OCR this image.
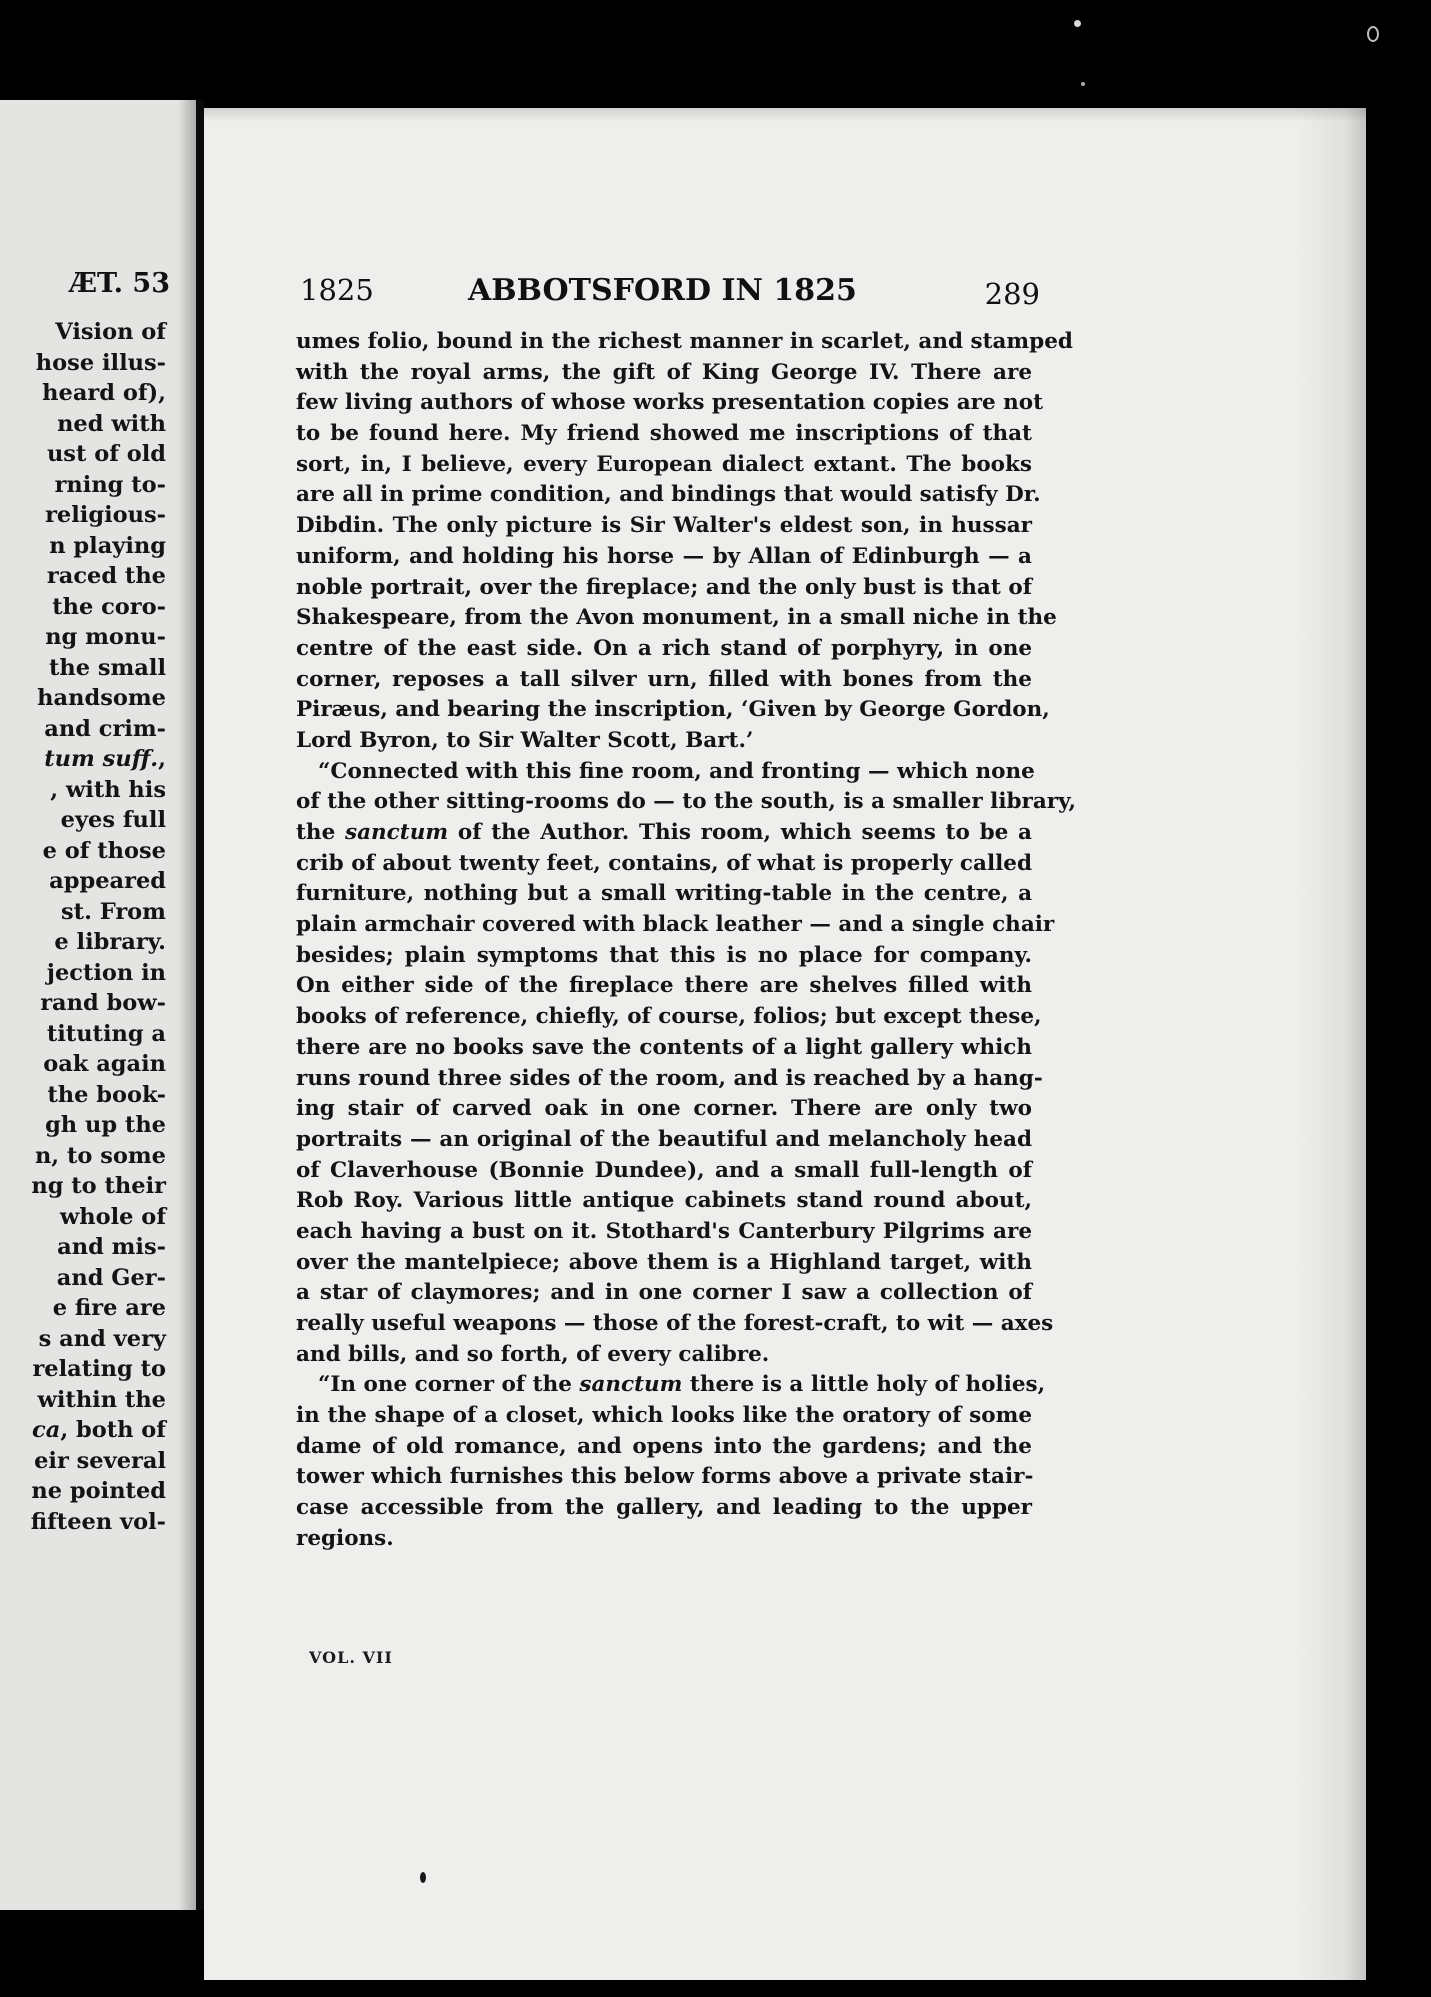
ÆT. 53
Vision of
hose illus-
heard of),
ned with
ust of old
rning to-
religious-
n playing
raced the
the coro-
ng monu-
the small
handsome
and crim-
tum suff.,
, with his
eyes full
e of those
appeared
st. From
e library.
jection in
rand bow-
tituting a
oak again
the book-
gh up the
n, to some
ng to their
whole of
and mis-
and Ger-
e fire are
s and very
relating to
within the
ca, both of
eir several
ne pointed
fifteen vol-
1825	ABBOTSFORD IN 1825	289
umes folio, bound in the richest manner in scarlet, and stamped
with the royal arms, the gift of King George IV. There are
few living authors of whose works presentation copies are not
to be found here. My friend showed me inscriptions of that
sort, in, I believe, every European dialect extant. The books
are all in prime condition, and bindings that would satisfy Dr.
Dibdin. The only picture is Sir Walter's eldest son, in hussar
uniform, and holding his horse — by Allan of Edinburgh — a
noble portrait, over the fireplace; and the only bust is that of
Shakespeare, from the Avon monument, in a small niche in the
centre of the east side. On a rich stand of porphyry, in one
corner, reposes a tall silver urn, filled with bones from the
Piræus, and bearing the inscription, ‘Given by George Gordon,
Lord Byron, to Sir Walter Scott, Bart.’
“Connected with this fine room, and fronting — which none
of the other sitting-rooms do — to the south, is a smaller library,
the sanctum of the Author. This room, which seems to be a
crib of about twenty feet, contains, of what is properly called
furniture, nothing but a small writing-table in the centre, a
plain armchair covered with black leather — and a single chair
besides; plain symptoms that this is no place for company.
On either side of the fireplace there are shelves filled with
books of reference, chiefly, of course, folios; but except these,
there are no books save the contents of a light gallery which
runs round three sides of the room, and is reached by a hang-
ing stair of carved oak in one corner. There are only two
portraits — an original of the beautiful and melancholy head
of Claverhouse (Bonnie Dundee), and a small full-length of
Rob Roy. Various little antique cabinets stand round about,
each having a bust on it. Stothard's Canterbury Pilgrims are
over the mantelpiece; above them is a Highland target, with
a star of claymores; and in one corner I saw a collection of
really useful weapons — those of the forest-craft, to wit — axes
and bills, and so forth, of every calibre.
“In one corner of the sanctum there is a little holy of holies,
in the shape of a closet, which looks like the oratory of some
dame of old romance, and opens into the gardens; and the
tower which furnishes this below forms above a private stair-
case accessible from the gallery, and leading to the upper
regions.
VOL. VII
